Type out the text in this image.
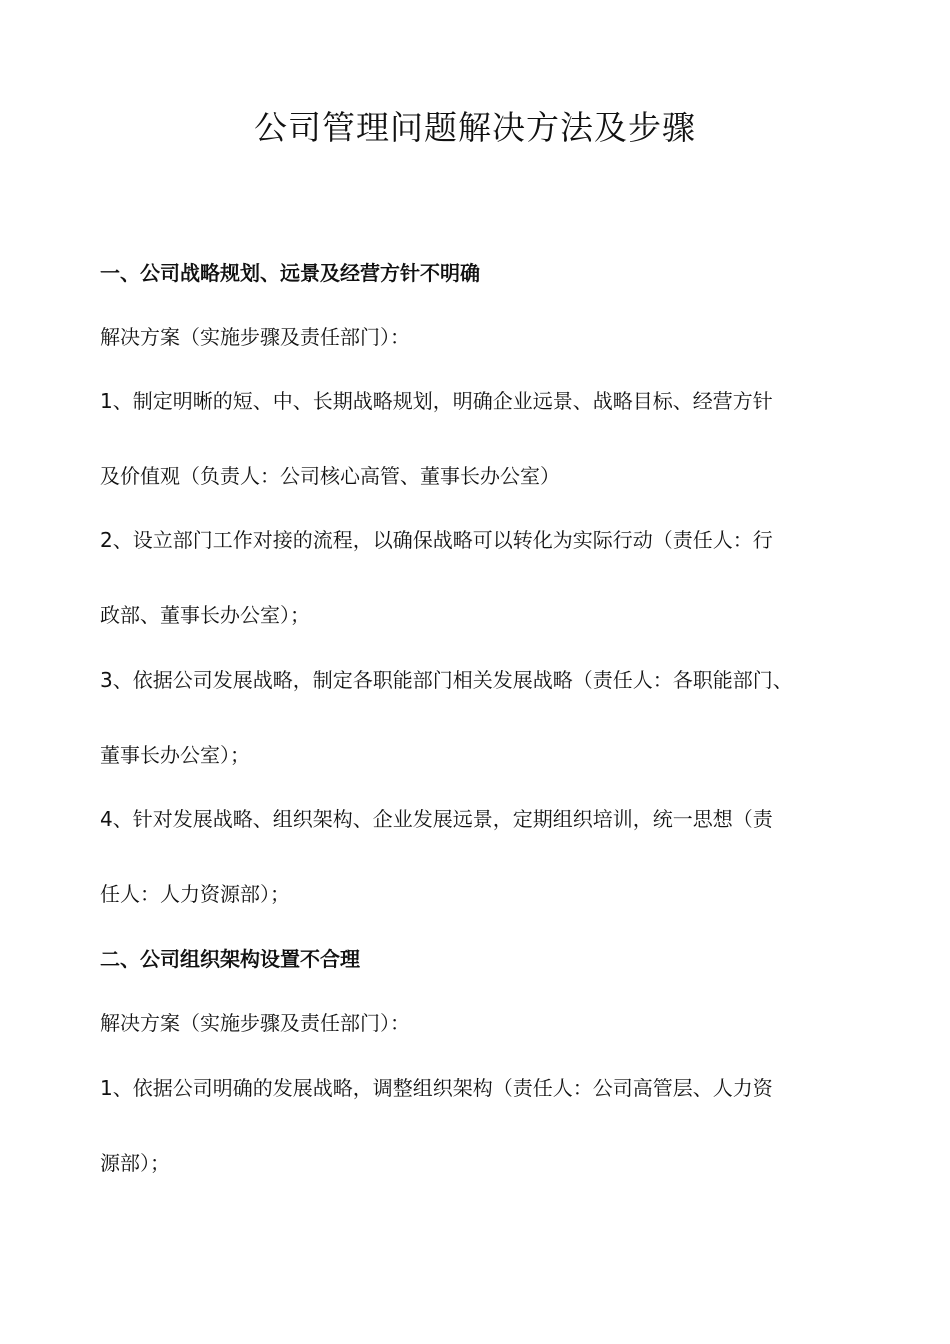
公司管理问题解决方法及步骤
一、公司战略规划、远景及经营方针不明确
解决方案（实施步骤及责任部门）：
1、制定明晰的短、中、长期战略规划，明确企业远景、战略目标、经营方针
及价值观（负责人：公司核心高管、董事长办公室）
2、设立部门工作对接的流程，以确保战略可以转化为实际行动（责任人：行
政部、董事长办公室）；
3、依据公司发展战略，制定各职能部门相关发展战略（责任人：各职能部门、
董事长办公室）；
4、针对发展战略、组织架构、企业发展远景，定期组织培训，统一思想（责
任人：人力资源部）；
二、公司组织架构设置不合理
解决方案（实施步骤及责任部门）：
1、依据公司明确的发展战略，调整组织架构（责任人：公司高管层、人力资
源部）；
